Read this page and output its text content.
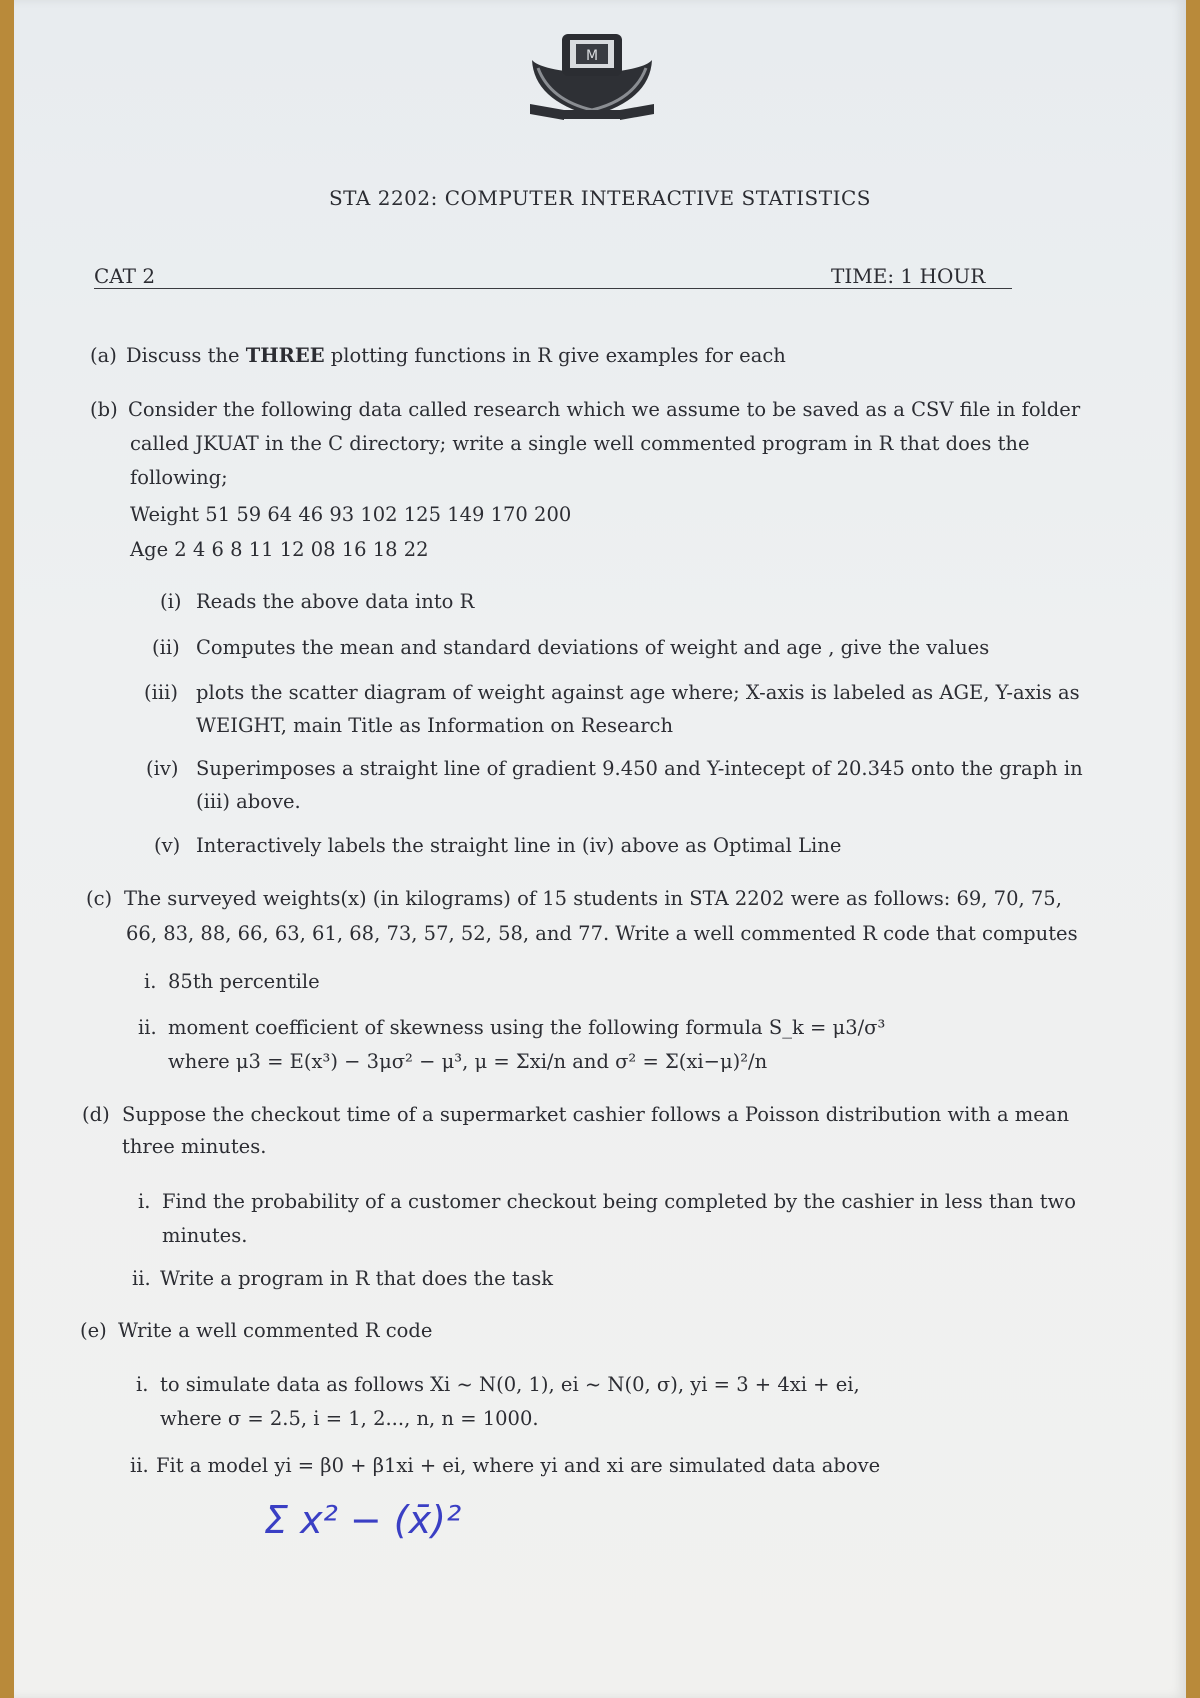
M
STA 2202: COMPUTER INTERACTIVE STATISTICS
CAT 2	TIME: 1 HOUR
(a) Discuss the THREE plotting functions in R give examples for each
(b) Consider the following data called research which we assume to be saved as a CSV file in folder
called JKUAT in the C directory; write a single well commented program in R that does the
following;
Weight 51 59 64 46 93 102 125 149 170 200
Age 2 4 6 8 11 12 08 16 18 22
(i) Reads the above data into R
(ii) Computes the mean and standard deviations of weight and age , give the values
(iii) plots the scatter diagram of weight against age where; X-axis is labeled as AGE, Y-axis as
WEIGHT, main Title as Information on Research
(iv) Superimposes a straight line of gradient 9.450 and Y-intecept of 20.345 onto the graph in
(iii) above.
(v) Interactively labels the straight line in (iv) above as Optimal Line
(c) The surveyed weights(x) (in kilograms) of 15 students in STA 2202 were as follows: 69, 70, 75,
66, 83, 88, 66, 63, 61, 68, 73, 57, 52, 58, and 77. Write a well commented R code that computes
i. 85th percentile
ii. moment coefficient of skewness using the following formula S_k = μ3/σ³
where μ3 = E(x³) − 3μσ² − μ³, μ = Σxi/n and σ² = Σ(xi−μ)²/n
(d) Suppose the checkout time of a supermarket cashier follows a Poisson distribution with a mean
three minutes.
i. Find the probability of a customer checkout being completed by the cashier in less than two
minutes.
ii. Write a program in R that does the task
(e) Write a well commented R code
i. to simulate data as follows Xi ~ N(0, 1), ei ~ N(0, σ), yi = 3 + 4xi + ei,
where σ = 2.5, i = 1, 2..., n, n = 1000.
ii. Fit a model yi = β0 + β1xi + ei, where yi and xi are simulated data above
Σ x² − (x̄)²
